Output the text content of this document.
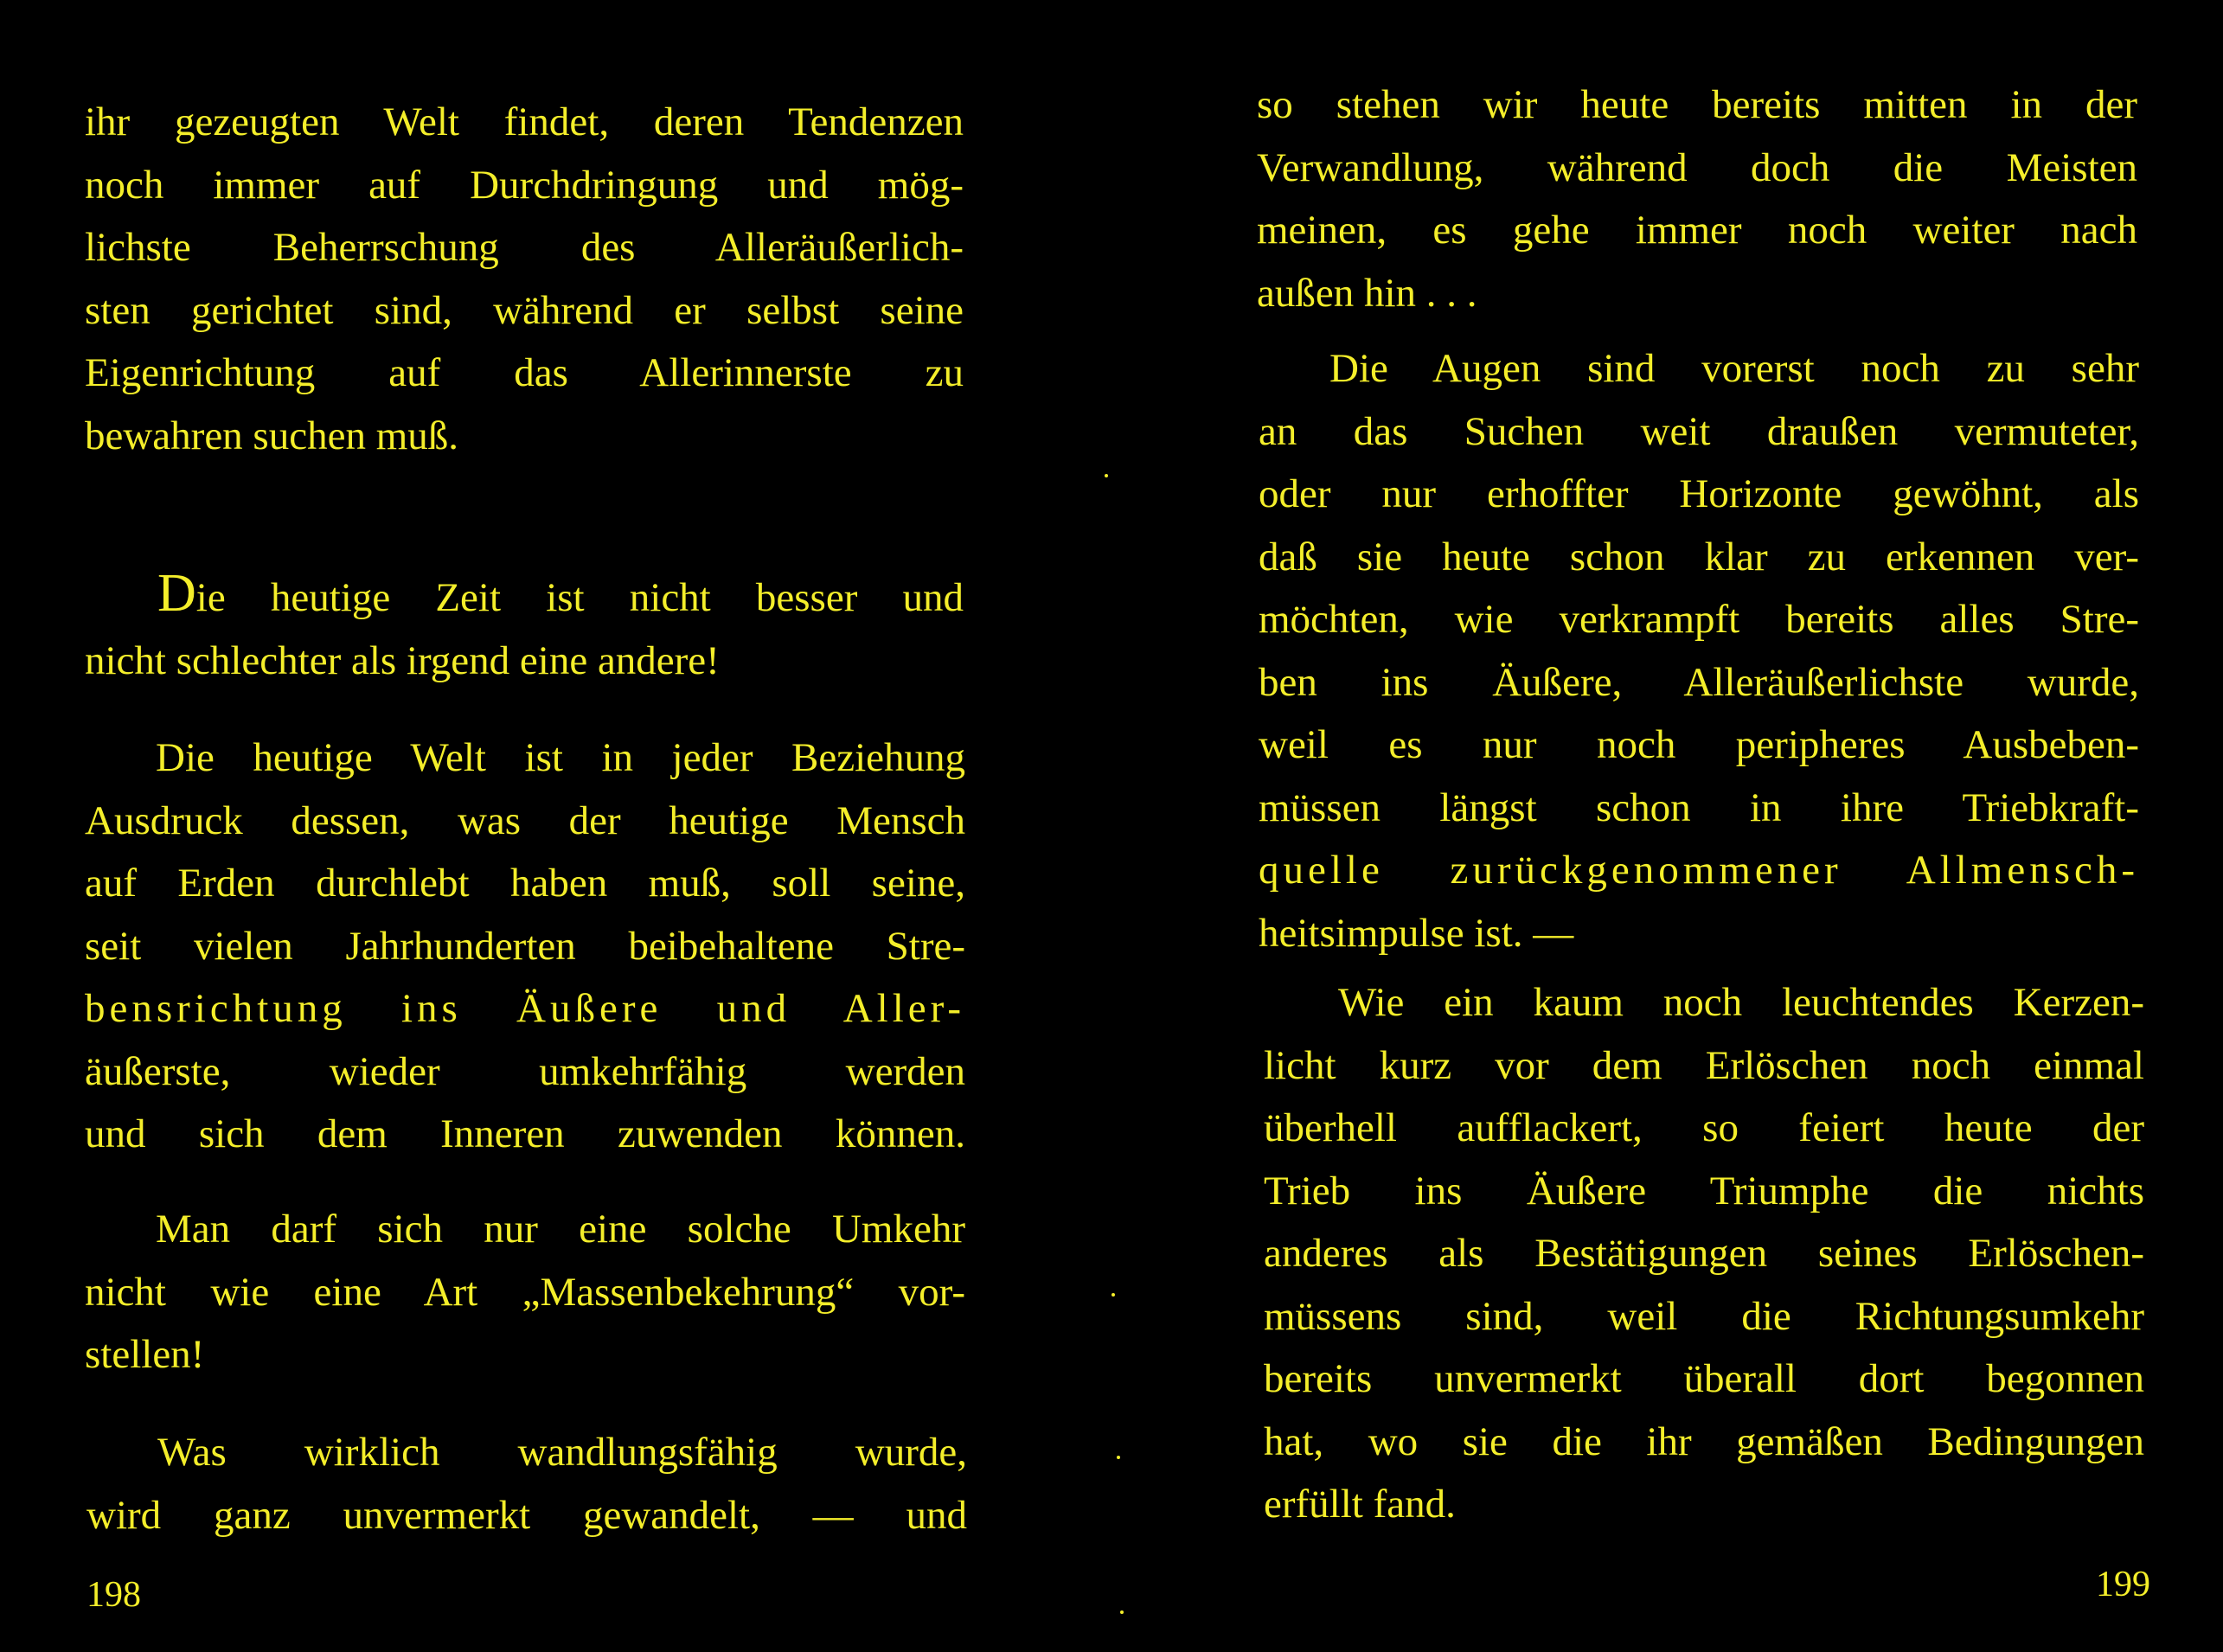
ihr gezeugten Welt findet, deren Tendenzen
noch immer auf Durchdringung und mög-
lichste Beherrschung des Alleräußerlich-
sten gerichtet sind, während er selbst seine
Eigenrichtung auf das Allerinnerste zu
bewahren suchen muß.
Die heutige Zeit ist nicht besser und
nicht schlechter als irgend eine andere!
Die heutige Welt ist in jeder Beziehung
Ausdruck dessen, was der heutige Mensch
auf Erden durchlebt haben muß, soll seine,
seit vielen Jahrhunderten beibehaltene Stre-
bensrichtung ins Äußere und Aller-
äußerste, wieder umkehrfähig werden
und sich dem Inneren zuwenden können.
Man darf sich nur eine solche Umkehr
nicht wie eine Art „Massenbekehrung“ vor-
stellen!
Was wirklich wandlungsfähig wurde,
wird ganz unvermerkt gewandelt, — und
198
so stehen wir heute bereits mitten in der
Verwandlung, während doch die Meisten
meinen, es gehe immer noch weiter nach
außen hin . . .
Die Augen sind vorerst noch zu sehr
an das Suchen weit draußen vermuteter,
oder nur erhoffter Horizonte gewöhnt, als
daß sie heute schon klar zu erkennen ver-
möchten, wie verkrampft bereits alles Stre-
ben ins Äußere, Alleräußerlichste wurde,
weil es nur noch peripheres Ausbeben-
müssen längst schon in ihre Triebkraft-
quelle zurückgenommener Allmensch-
heitsimpulse ist. —
Wie ein kaum noch leuchtendes Kerzen-
licht kurz vor dem Erlöschen noch einmal
überhell aufflackert, so feiert heute der
Trieb ins Äußere Triumphe die nichts
anderes als Bestätigungen seines Erlöschen-
müssens sind, weil die Richtungsumkehr
bereits unvermerkt überall dort begonnen
hat, wo sie die ihr gemäßen Bedingungen
erfüllt fand.
199
